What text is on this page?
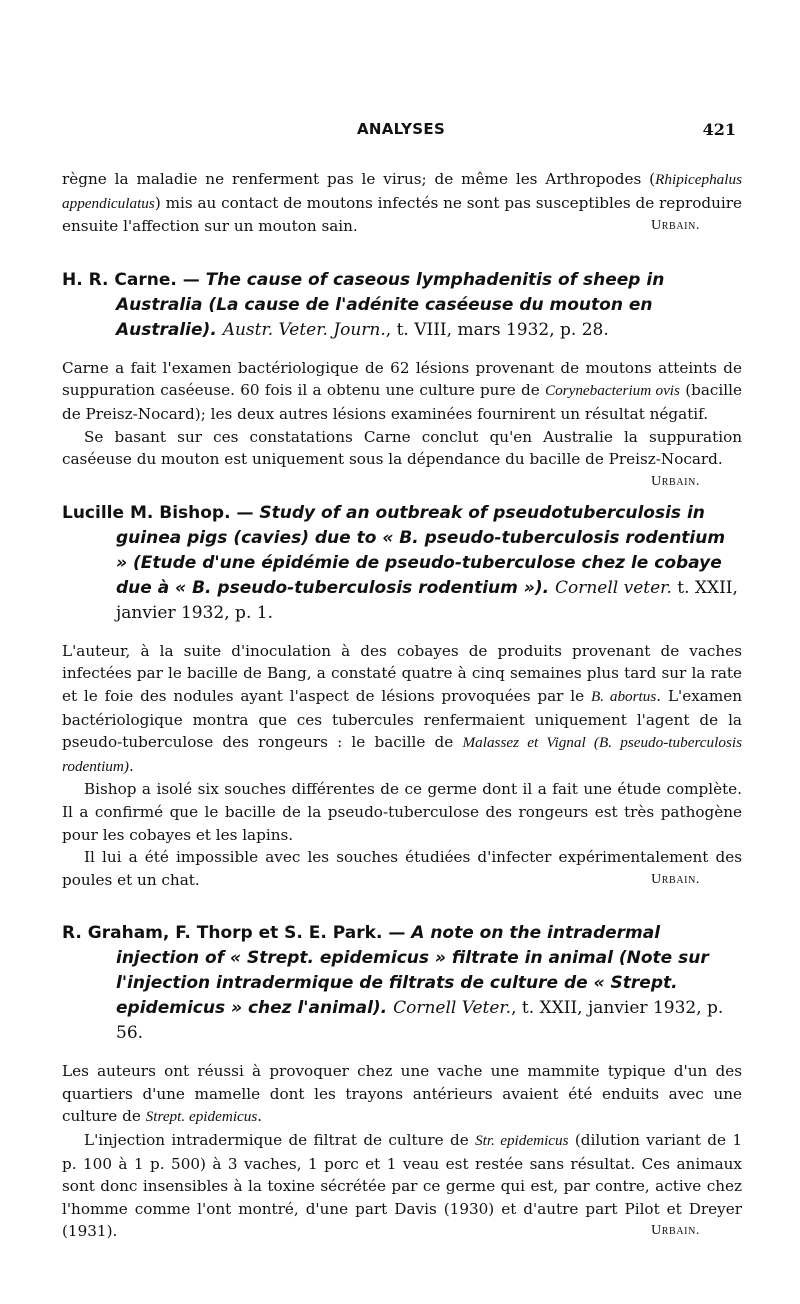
ANALYSES	421

règne la maladie ne renferment pas le virus; de même les Arthropodes (Rhipicephalus appendiculatus) mis au contact de moutons infectés ne sont pas susceptibles de reproduire ensuite l'affection sur un mouton sain.	Urbain.

H. R. Carne. — The cause of caseous lymphadenitis of sheep in Australia (La cause de l'adénite caséeuse du mouton en Australie). Austr. Veter. Journ., t. VIII, mars 1932, p. 28.

Carne a fait l'examen bactériologique de 62 lésions provenant de moutons atteints de suppuration caséeuse. 60 fois il a obtenu une culture pure de Corynebacterium ovis (bacille de Preisz-Nocard); les deux autres lésions examinées fournirent un résultat négatif.

Se basant sur ces constatations Carne conclut qu'en Australie la suppuration caséeuse du mouton est uniquement sous la dépendance du bacille de Preisz-Nocard.
Urbain.

Lucille M. Bishop. — Study of an outbreak of pseudotuberculosis in guinea pigs (cavies) due to « B. pseudo-tuberculosis rodentium » (Etude d'une épidémie de pseudo-tuberculose chez le cobaye due à « B. pseudo-tuberculosis rodentium »). Cornell veter. t. XXII, janvier 1932, p. 1.

L'auteur, à la suite d'inoculation à des cobayes de produits provenant de vaches infectées par le bacille de Bang, a constaté quatre à cinq semaines plus tard sur la rate et le foie des nodules ayant l'aspect de lésions provoquées par le B. abortus. L'examen bactériologique montra que ces tubercules renfermaient uniquement l'agent de la pseudo-tuberculose des rongeurs : le bacille de Malassez et Vignal (B. pseudo-tuberculosis rodentium).

Bishop a isolé six souches différentes de ce germe dont il a fait une étude complète. Il a confirmé que le bacille de la pseudo-tuberculose des rongeurs est très pathogène pour les cobayes et les lapins.

Il lui a été impossible avec les souches étudiées d'infecter expérimentalement des poules et un chat.	Urbain.

R. Graham, F. Thorp et S. E. Park. — A note on the intradermal injection of « Strept. epidemicus » filtrate in animal (Note sur l'injection intradermique de filtrats de culture de « Strept. epidemicus » chez l'animal). Cornell Veter., t. XXII, janvier 1932, p. 56.

Les auteurs ont réussi à provoquer chez une vache une mammite typique d'un des quartiers d'une mamelle dont les trayons antérieurs avaient été enduits avec une culture de Strept. epidemicus.

L'injection intradermique de filtrat de culture de Str. epidemicus (dilution variant de 1 p. 100 à 1 p. 500) à 3 vaches, 1 porc et 1 veau est restée sans résultat. Ces animaux sont donc insensibles à la toxine sécrétée par ce germe qui est, par contre, active chez l'homme comme l'ont montré, d'une part Davis (1930) et d'autre part Pilot et Dreyer (1931).	Urbain.
